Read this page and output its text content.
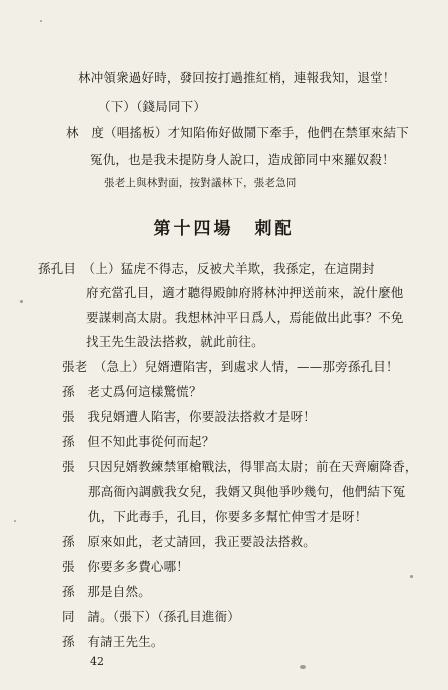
林冲領衆過好時，發回按打過推紅梢，連報我知，退堂！
（下）（錢局同下）
林　度（唱搖板）才知陷佈好做鬧下牽手，他們在禁軍來結下
冤仇，也是我未提防身人說口，造成節同中來羅奴殺！
張老上與林對面，按對議林下，張老急同
第十四場 刺配
孫孔目　（上）猛虎不得志，反被犬羊欺，我孫定，在這開封
府充當孔目，適才聽得殿帥府將林沖押送前來，說什麼他
要謀刺高太尉。我想林沖平日爲人，焉能做出此事？不免
找王先生設法搭救，就此前往。
張老　（急上）兒婿遭陷害，到處求人情，——那旁孫孔目！
孫　老丈爲何這樣驚慌？
張　我兒婿遭人陷害，你要設法搭救才是呀！
孫　但不知此事從何而起？
張　只因兒婿教練禁軍槍戰法，得罪高太尉；前在天齊廟降香，
那高衙內調戲我女兒，我婿又與他爭吵幾句，他們結下冤
仇，下此毒手，孔目，你要多多幫忙伸雪才是呀！
孫　原來如此，老丈請回，我正要設法搭救。
張　你要多多費心哪！
孫　那是自然。
同　請。（張下）（孫孔目進衙）
孫　有請王先生。
42
